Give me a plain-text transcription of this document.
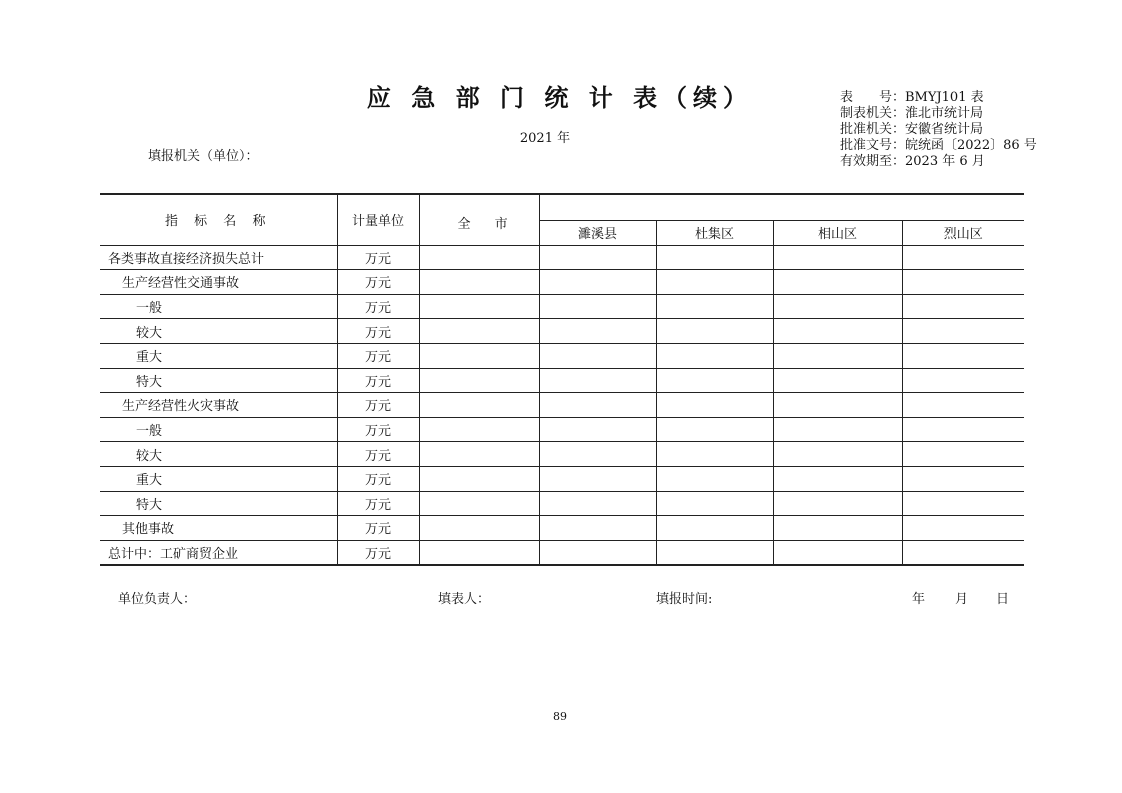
应 急 部 门 统 计 表（续）
2021 年
填报机关（单位）：
表　　号：BMYJ101 表
制表机关：淮北市统计局
批准机关：安徽省统计局
批准文号：皖统函〔2022〕86 号
有效期至：2023 年 6 月
指 标 名 称	计量单位	全 市				
			濉溪县	杜集区	相山区	烈山区
各类事故直接经济损失总计	万元					
生产经营性交通事故	万元					
一般	万元					
较大	万元					
重大	万元					
特大	万元					
生产经营性火灾事故	万元					
一般	万元					
较大	万元					
重大	万元					
特大	万元					
其他事故	万元					
总计中：工矿商贸企业	万元					
单位负责人：	填表人：	填报时间:	年 月 日
89
